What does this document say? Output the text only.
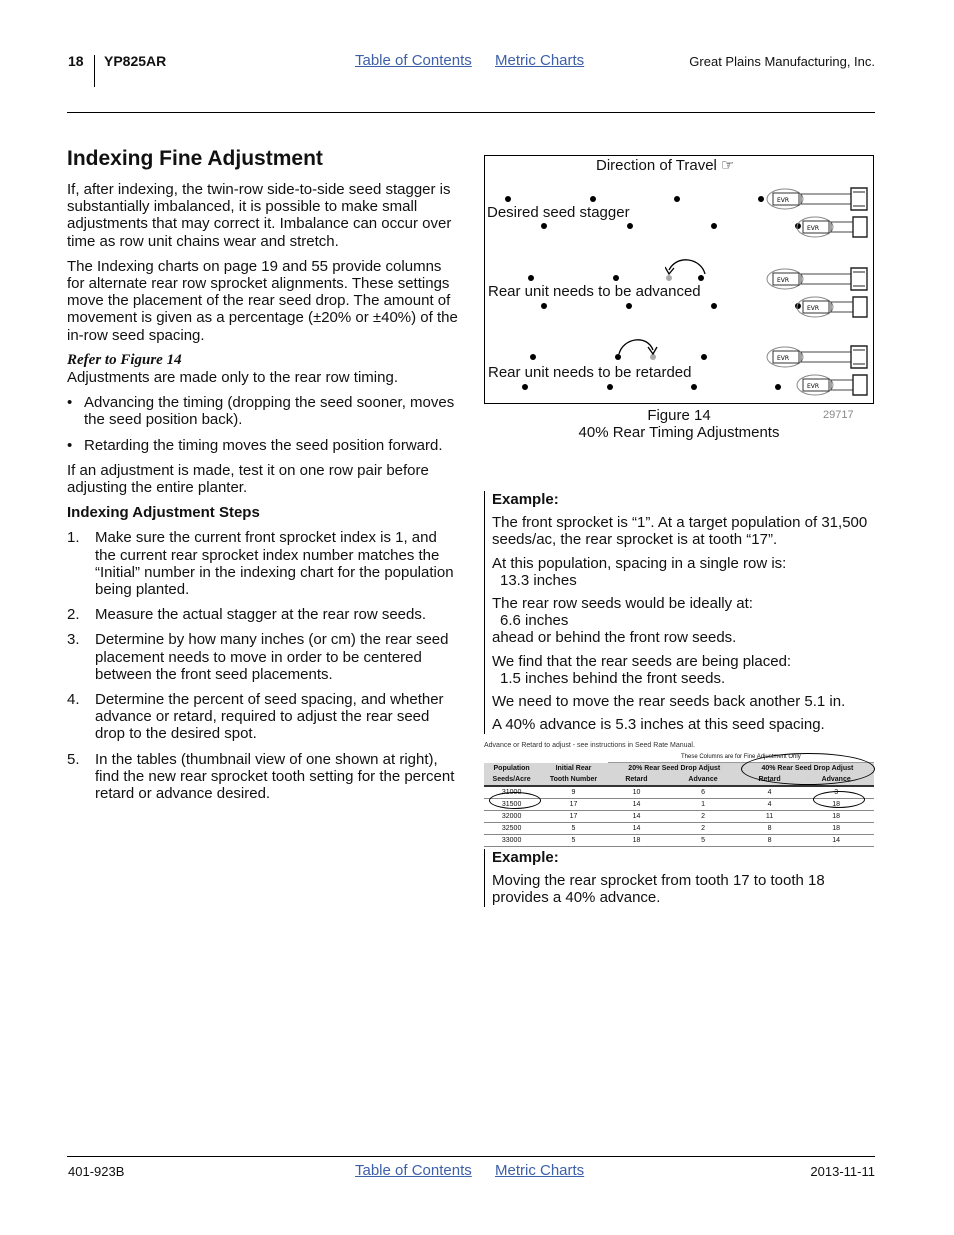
18 YP825AR	Table of Contents Metric Charts	Great Plains Manufacturing, Inc.
Indexing Fine Adjustment

If, after indexing, the twin-row side-to-side seed stagger is substantially imbalanced, it is possible to make small adjustments that may correct it. Imbalance can occur over time as row unit chains wear and stretch.

The Indexing charts on page 19 and 55 provide columns for alternate rear row sprocket alignments. These settings move the placement of the rear seed drop. The amount of movement is given as a percentage (±20% or ±40%) of the in-row seed spacing.

Refer to Figure 14

Adjustments are made only to the rear row timing.

• Advancing the timing (dropping the seed sooner, moves the seed position back).
• Retarding the timing moves the seed position forward.

If an adjustment is made, test it on one row pair before adjusting the entire planter.

Indexing Adjustment Steps

1. Make sure the current front sprocket index is 1, and the current rear sprocket index number matches the “Initial” number in the indexing chart for the population being planted.
2. Measure the actual stagger at the rear row seeds.
3. Determine by how many inches (or cm) the rear seed placement needs to move in order to be centered between the front seed placements.
4. Determine the percent of seed spacing, and whether advance or retard, required to adjust the rear seed drop to the desired spot.
5. In the tables (thumbnail view of one shown at right), find the new rear sprocket tooth setting for the percent retard or advance desired.
Direction of Travel ☞
Desired seed stagger
Rear unit needs to be advanced
Rear unit needs to be retarded
EVR
EVR
EVR
EVR
EVR
EVR
Figure 14
40% Rear Timing Adjustments
29717

Example:

The front sprocket is “1”. At a target population of 31,500 seeds/ac, the rear sprocket is at tooth “17”.

At this population, spacing in a single row is:
13.3 inches

The rear row seeds would be ideally at:
6.6 inches
ahead or behind the front row seeds.

We find that the rear seeds are being placed:
1.5 inches behind the front seeds.

We need to move the rear seeds back another 5.1 in.

A 40% advance is 5.3 inches at this seed spacing.

Advance or Retard to adjust - see instructions in Seed Rate Manual.
		These Columns are for Fine Adjustment Only			
Population	Initial Rear	20% Rear Seed Drop Adjust		40% Rear Seed Drop Adjust	
Seeds/Acre	Tooth Number	Retard	Advance	Retard	Advance
31000	9	10	6	4	3
31500	17	14	1	4	18
32000	17	14	2	11	18
32500	5	14	2	8	18
33000	5	18	5	8	14

Example:

Moving the rear sprocket from tooth 17 to tooth 18 provides a 40% advance.

401-923B	Table of Contents Metric Charts	2013-11-11
